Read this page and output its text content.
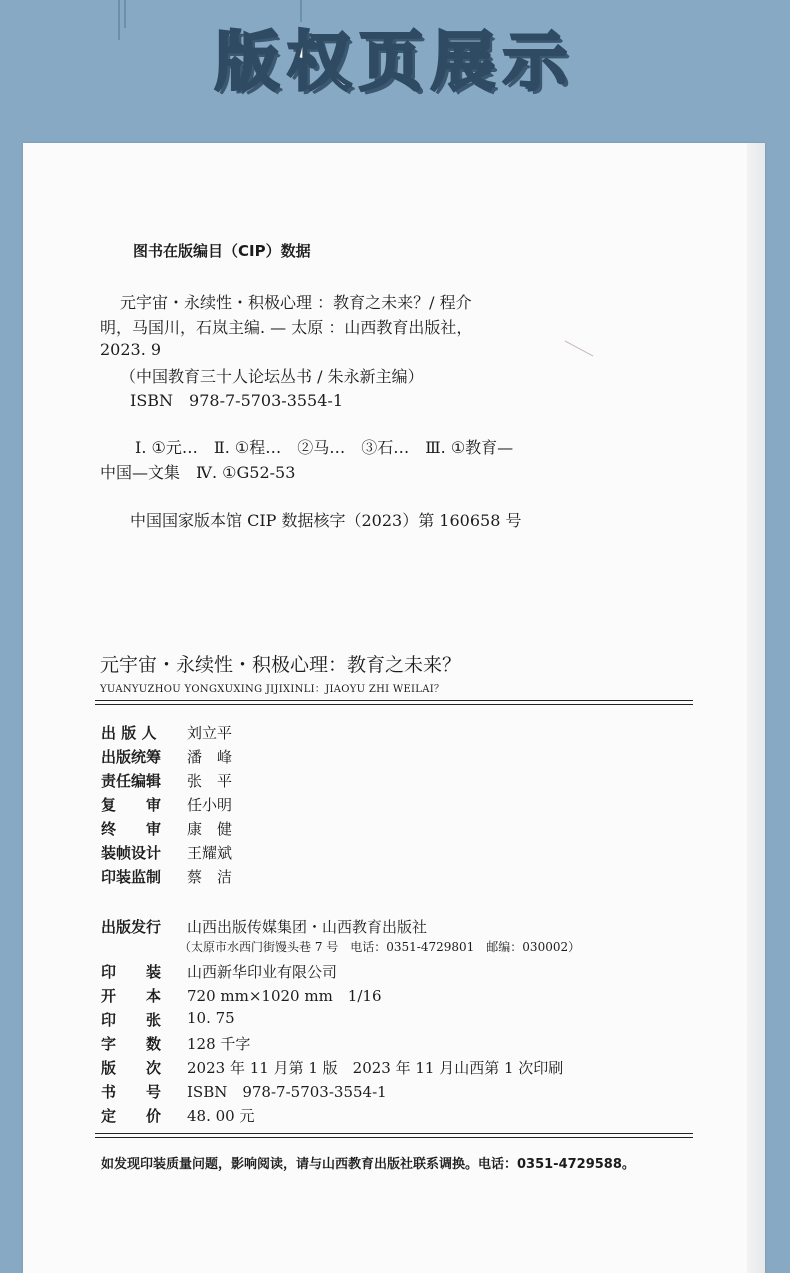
版权页展示
图书在版编目（CIP）数据
元宇宙・永续性・积极心理 ：教育之未来？/ 程介
明，马国川，石岚主编. — 太原 ：山西教育出版社，
2023. 9
（中国教育三十人论坛丛书 / 朱永新主编）
ISBN　978-7-5703-3554-1
Ⅰ. ①元…　Ⅱ. ①程…　②马…　③石…　Ⅲ. ①教育—
中国—文集　Ⅳ. ①G52-53
中国国家版本馆 CIP 数据核字（2023）第 160658 号
元宇宙・永续性・积极心理：教育之未来？
YUANYUZHOU YONGXUXING JIJIXINLI：JIAOYU ZHI WEILAI？
出 版 人	刘立平
出版统筹	潘　峰
责任编辑	张　平
复　　审	任小明
终　　审	康　健
装帧设计	王耀斌
印装监制	蔡　洁
出版发行	山西出版传媒集团・山西教育出版社
（太原市水西门街馒头巷 7 号　电话：0351-4729801　邮编：030002）
印　　装	山西新华印业有限公司
开　　本	720 mm×1020 mm　1/16
印　　张	10. 75
字　　数	128 千字
版　　次	2023 年 11 月第 1 版　2023 年 11 月山西第 1 次印刷
书　　号	ISBN　978-7-5703-3554-1
定　　价	48. 00 元
如发现印装质量问题，影响阅读，请与山西教育出版社联系调换。电话：0351-4729588。
